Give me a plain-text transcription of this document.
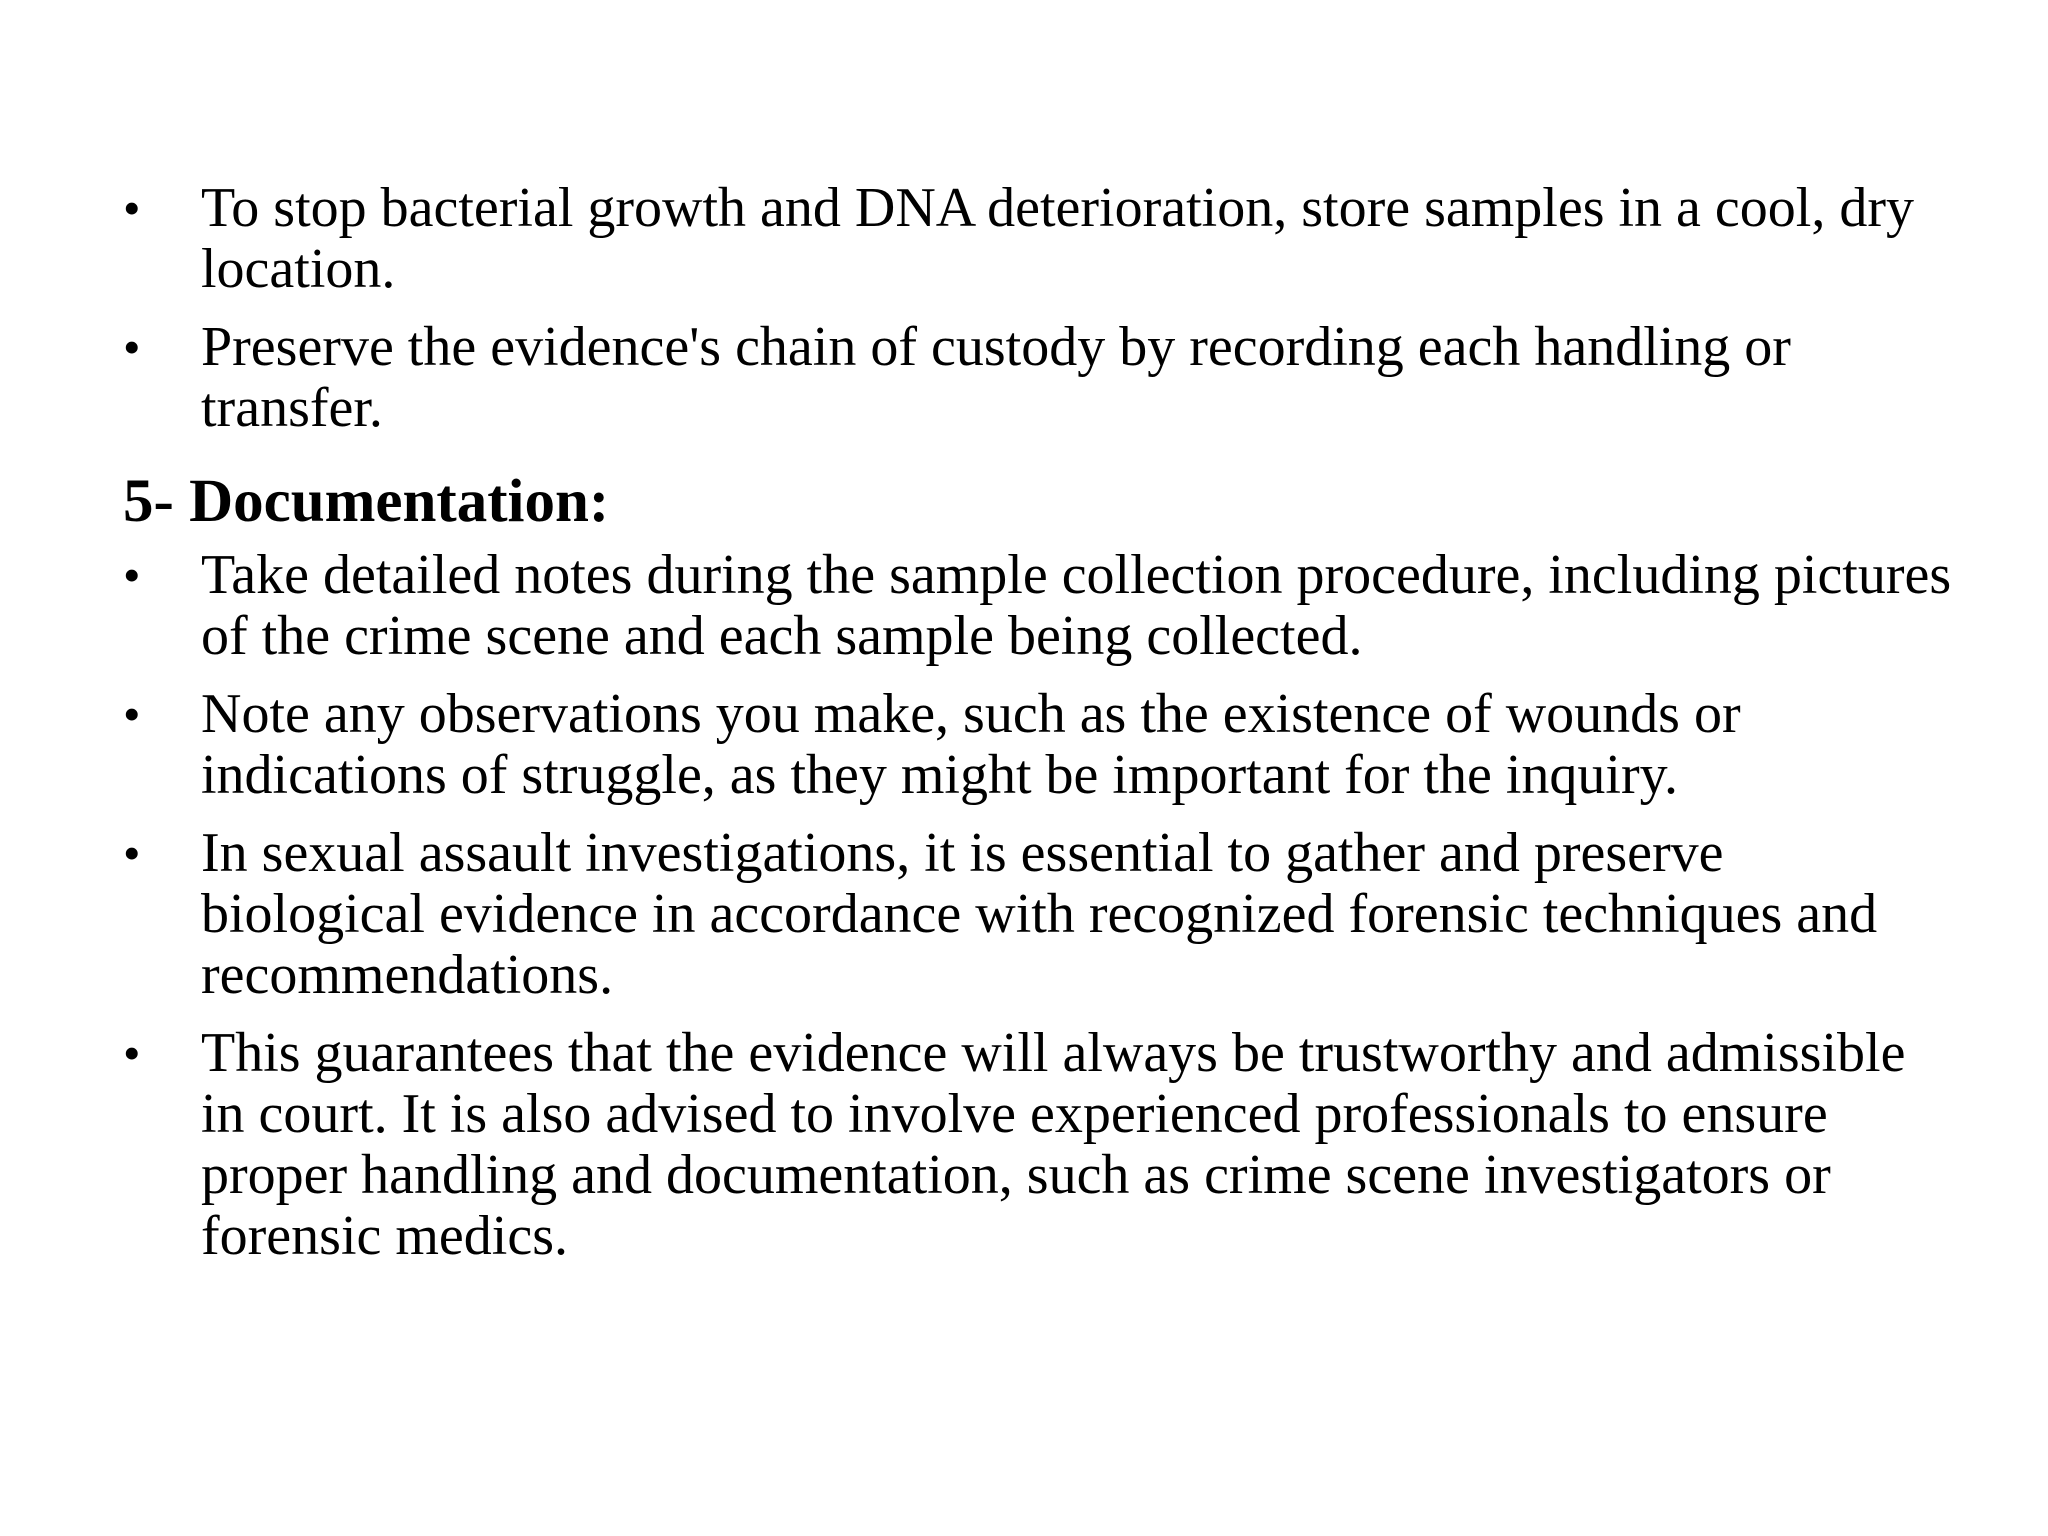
•	To stop bacterial growth and DNA deterioration, store samples in a cool, dry location.
•	Preserve the evidence's chain of custody by recording each handling or transfer.
5- Documentation:
•	Take detailed notes during the sample collection procedure, including pictures of the crime scene and each sample being collected.
•	Note any observations you make, such as the existence of wounds or indications of struggle, as they might be important for the inquiry.
•	In sexual assault investigations, it is essential to gather and preserve biological evidence in accordance with recognized forensic techniques and recommendations.
•	This guarantees that the evidence will always be trustworthy and admissible in court. It is also advised to involve experienced professionals to ensure proper handling and documentation, such as crime scene investigators or forensic medics.
